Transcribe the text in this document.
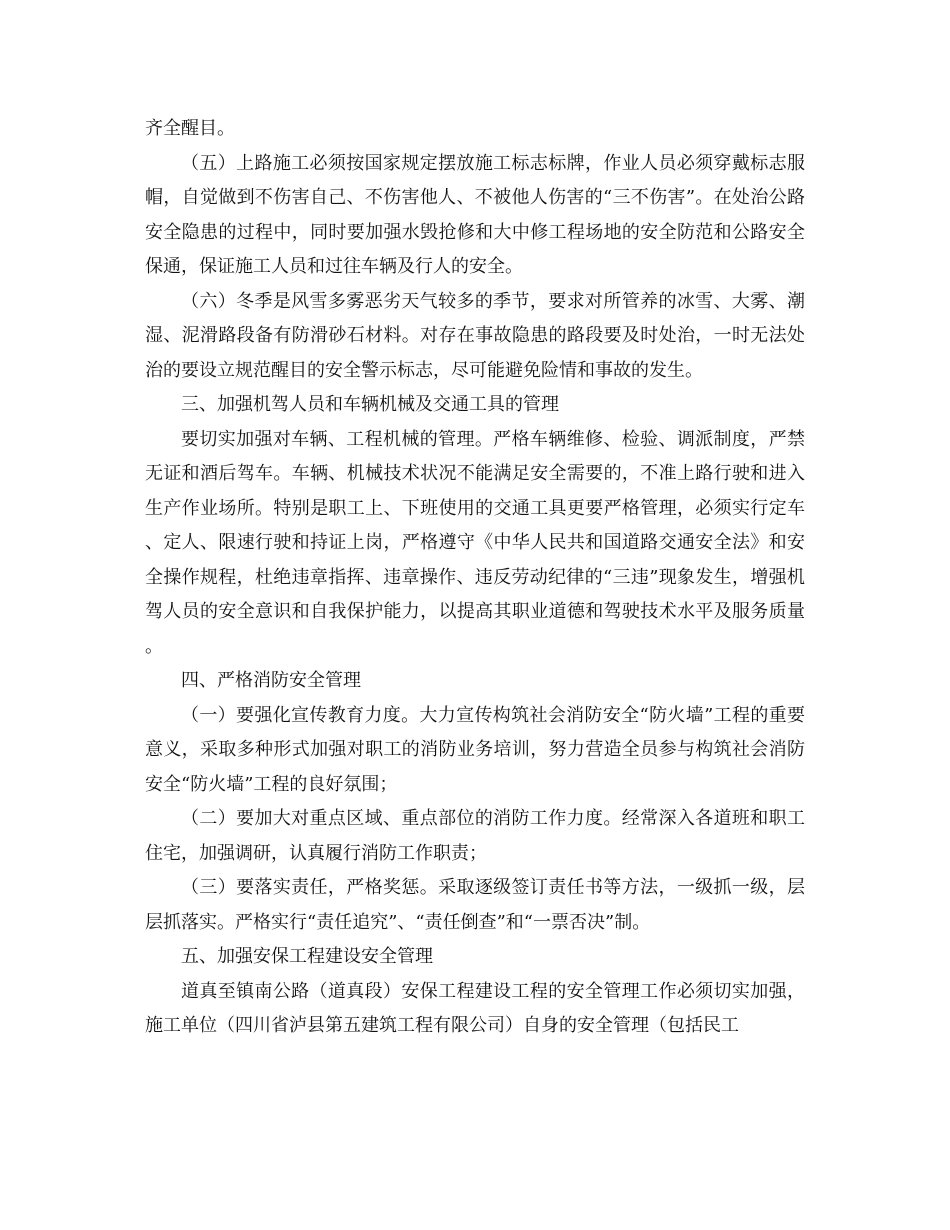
齐全醒目。

（五）上路施工必须按国家规定摆放施工标志标牌，作业人员必须穿戴标志服帽，自觉做到不伤害自己、不伤害他人、不被他人伤害的“三不伤害”。在处治公路安全隐患的过程中，同时要加强水毁抢修和大中修工程场地的安全防范和公路安全保通，保证施工人员和过往车辆及行人的安全。

（六）冬季是风雪多雾恶劣天气较多的季节，要求对所管养的冰雪、大雾、潮湿、泥滑路段备有防滑砂石材料。对存在事故隐患的路段要及时处治，一时无法处治的要设立规范醒目的安全警示标志，尽可能避免险情和事故的发生。

三、加强机驾人员和车辆机械及交通工具的管理

要切实加强对车辆、工程机械的管理。严格车辆维修、检验、调派制度，严禁无证和酒后驾车。车辆、机械技术状况不能满足安全需要的，不准上路行驶和进入生产作业场所。特别是职工上、下班使用的交通工具更要严格管理，必须实行定车、定人、限速行驶和持证上岗，严格遵守《中华人民共和国道路交通安全法》和安全操作规程，杜绝违章指挥、违章操作、违反劳动纪律的“三违”现象发生，增强机驾人员的安全意识和自我保护能力，以提高其职业道德和驾驶技术水平及服务质量。

四、严格消防安全管理

（一）要强化宣传教育力度。大力宣传构筑社会消防安全“防火墙”工程的重要意义，采取多种形式加强对职工的消防业务培训，努力营造全员参与构筑社会消防安全“防火墙”工程的良好氛围；

（二）要加大对重点区域、重点部位的消防工作力度。经常深入各道班和职工住宅，加强调研，认真履行消防工作职责；

（三）要落实责任，严格奖惩。采取逐级签订责任书等方法，一级抓一级，层层抓落实。严格实行“责任追究”、“责任倒查”和“一票否决”制。

五、加强安保工程建设安全管理

道真至镇南公路（道真段）安保工程建设工程的安全管理工作必须切实加强，施工单位（四川省泸县第五建筑工程有限公司）自身的安全管理（包括民工
